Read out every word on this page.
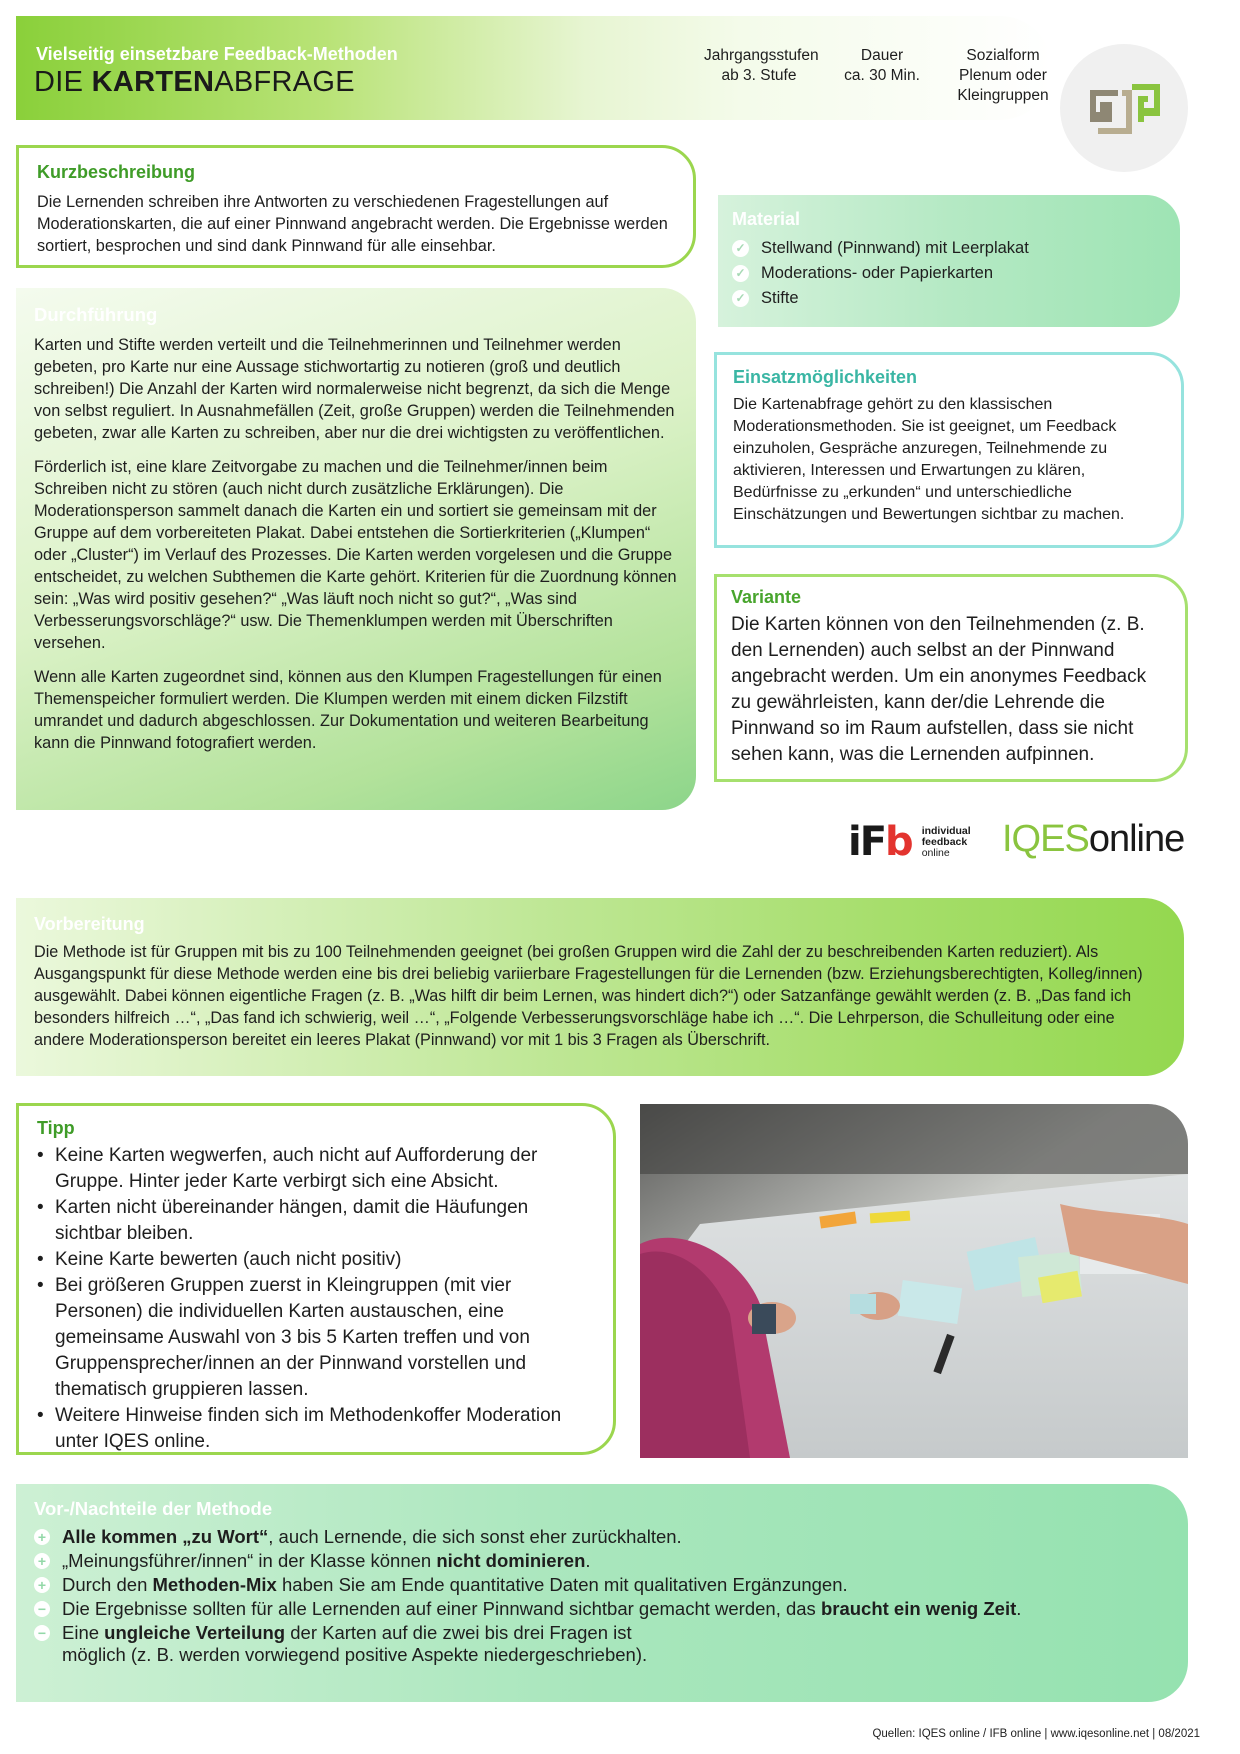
Vielseitig einsetzbare Feedback-Methoden
DIE KARTENABFRAGE
Jahrgangsstufen
ab 3. Stufe
Dauer
ca. 30 Min.
Sozialform
Plenum oder
Kleingruppen
Kurzbeschreibung
Die Lernenden schreiben ihre Antworten zu verschiedenen Fragestellungen auf Moderationskarten, die auf einer Pinnwand angebracht werden. Die Ergebnisse werden sortiert, besprochen und sind dank Pinnwand für alle einsehbar.
Durchführung

Karten und Stifte werden verteilt und die Teilnehmerinnen und Teilnehmer werden gebeten, pro Karte nur eine Aussage stichwortartig zu notieren (groß und deutlich schreiben!) Die Anzahl der Karten wird normalerweise nicht begrenzt, da sich die Menge von selbst reguliert. In Ausnahmefällen (Zeit, große Gruppen) werden die Teilnehmenden gebeten, zwar alle Karten zu schreiben, aber nur die drei wichtigsten zu veröffentlichen.

Förderlich ist, eine klare Zeitvorgabe zu machen und die Teilnehmer/innen beim Schreiben nicht zu stören (auch nicht durch zusätzliche Erklärungen). Die Moderationsperson sammelt danach die Karten ein und sortiert sie gemeinsam mit der Gruppe auf dem vorbereiteten Plakat. Dabei entstehen die Sortierkriterien („Klumpen“ oder „Cluster“) im Verlauf des Prozesses. Die Karten werden vorgelesen und die Gruppe entscheidet, zu welchen Subthemen die Karte gehört. Kriterien für die Zuordnung können sein: „Was wird positiv gesehen?“ „Was läuft noch nicht so gut?“, „Was sind Verbesserungsvorschläge?“ usw. Die Themenklumpen werden mit Überschriften versehen.

Wenn alle Karten zugeordnet sind, können aus den Klumpen Fragestellungen für einen Themenspeicher formuliert werden. Die Klumpen werden mit einem dicken Filzstift umrandet und dadurch abgeschlossen. Zur Dokumentation und weiteren Bearbeitung kann die Pinnwand fotografiert werden.

Material
✓ Stellwand (Pinnwand) mit Leerplakat
✓ Moderations- oder Papierkarten
✓ Stifte
Einsatzmöglichkeiten
Die Kartenabfrage gehört zu den klassischen Moderationsmethoden. Sie ist geeignet, um Feedback einzuholen, Gespräche anzuregen, Teilnehmende zu aktivieren, Interessen und Erwartungen zu klären, Bedürfnisse zu „erkunden“ und unterschiedliche Einschätzungen und Bewertungen sichtbar zu machen.
Variante
Die Karten können von den Teilnehmenden (z. B. den Lernenden) auch selbst an der Pinnwand angebracht werden. Um ein anonymes Feedback zu gewährleisten, kann der/die Lehrende die Pinnwand so im Raum aufstellen, dass sie nicht sehen kann, was die Lernenden aufpinnen.
iFb individual
feedback
online	IQESonline
Vorbereitung
Die Methode ist für Gruppen mit bis zu 100 Teilnehmenden geeignet (bei großen Gruppen wird die Zahl der zu beschreibenden Karten reduziert). Als Ausgangspunkt für diese Methode werden eine bis drei beliebig variierbare Fragestellungen für die Lernenden (bzw. Erziehungsberechtigten, Kolleg/innen) ausgewählt. Dabei können eigentliche Fragen (z. B. „Was hilft dir beim Lernen, was hindert dich?“) oder Satzanfänge gewählt werden (z. B. „Das fand ich besonders hilfreich …“, „Das fand ich schwierig, weil …“, „Folgende Verbesserungsvorschläge habe ich …“. Die Lehrperson, die Schulleitung oder eine andere Moderationsperson bereitet ein leeres Plakat (Pinnwand) vor mit 1 bis 3 Fragen als Überschrift.
Tipp
• Keine Karten wegwerfen, auch nicht auf Aufforderung der Gruppe. Hinter jeder Karte verbirgt sich eine Absicht.
• Karten nicht übereinander hängen, damit die Häufungen sichtbar bleiben.
• Keine Karte bewerten (auch nicht positiv)
• Bei größeren Gruppen zuerst in Kleingruppen (mit vier Personen) die individuellen Karten austauschen, eine gemeinsame Auswahl von 3 bis 5 Karten treffen und von Gruppensprecher/innen an der Pinnwand vorstellen und thematisch gruppieren lassen.
• Weitere Hinweise finden sich im Methodenkoffer Moderation unter IQES online.
Vor-/Nachteile der Methode
+ Alle kommen „zu Wort“, auch Lernende, die sich sonst eher zurückhalten.
+ „Meinungsführer/innen“ in der Klasse können nicht dominieren.
+ Durch den Methoden-Mix haben Sie am Ende quantitative Daten mit qualitativen Ergänzungen.
− Die Ergebnisse sollten für alle Lernenden auf einer Pinnwand sichtbar gemacht werden, das braucht ein wenig Zeit.
− Eine ungleiche Verteilung der Karten auf die zwei bis drei Fragen ist möglich (z. B. werden vorwiegend positive Aspekte niedergeschrieben).
Quellen: IQES online / IFB online | www.iqesonline.net | 08/2021
